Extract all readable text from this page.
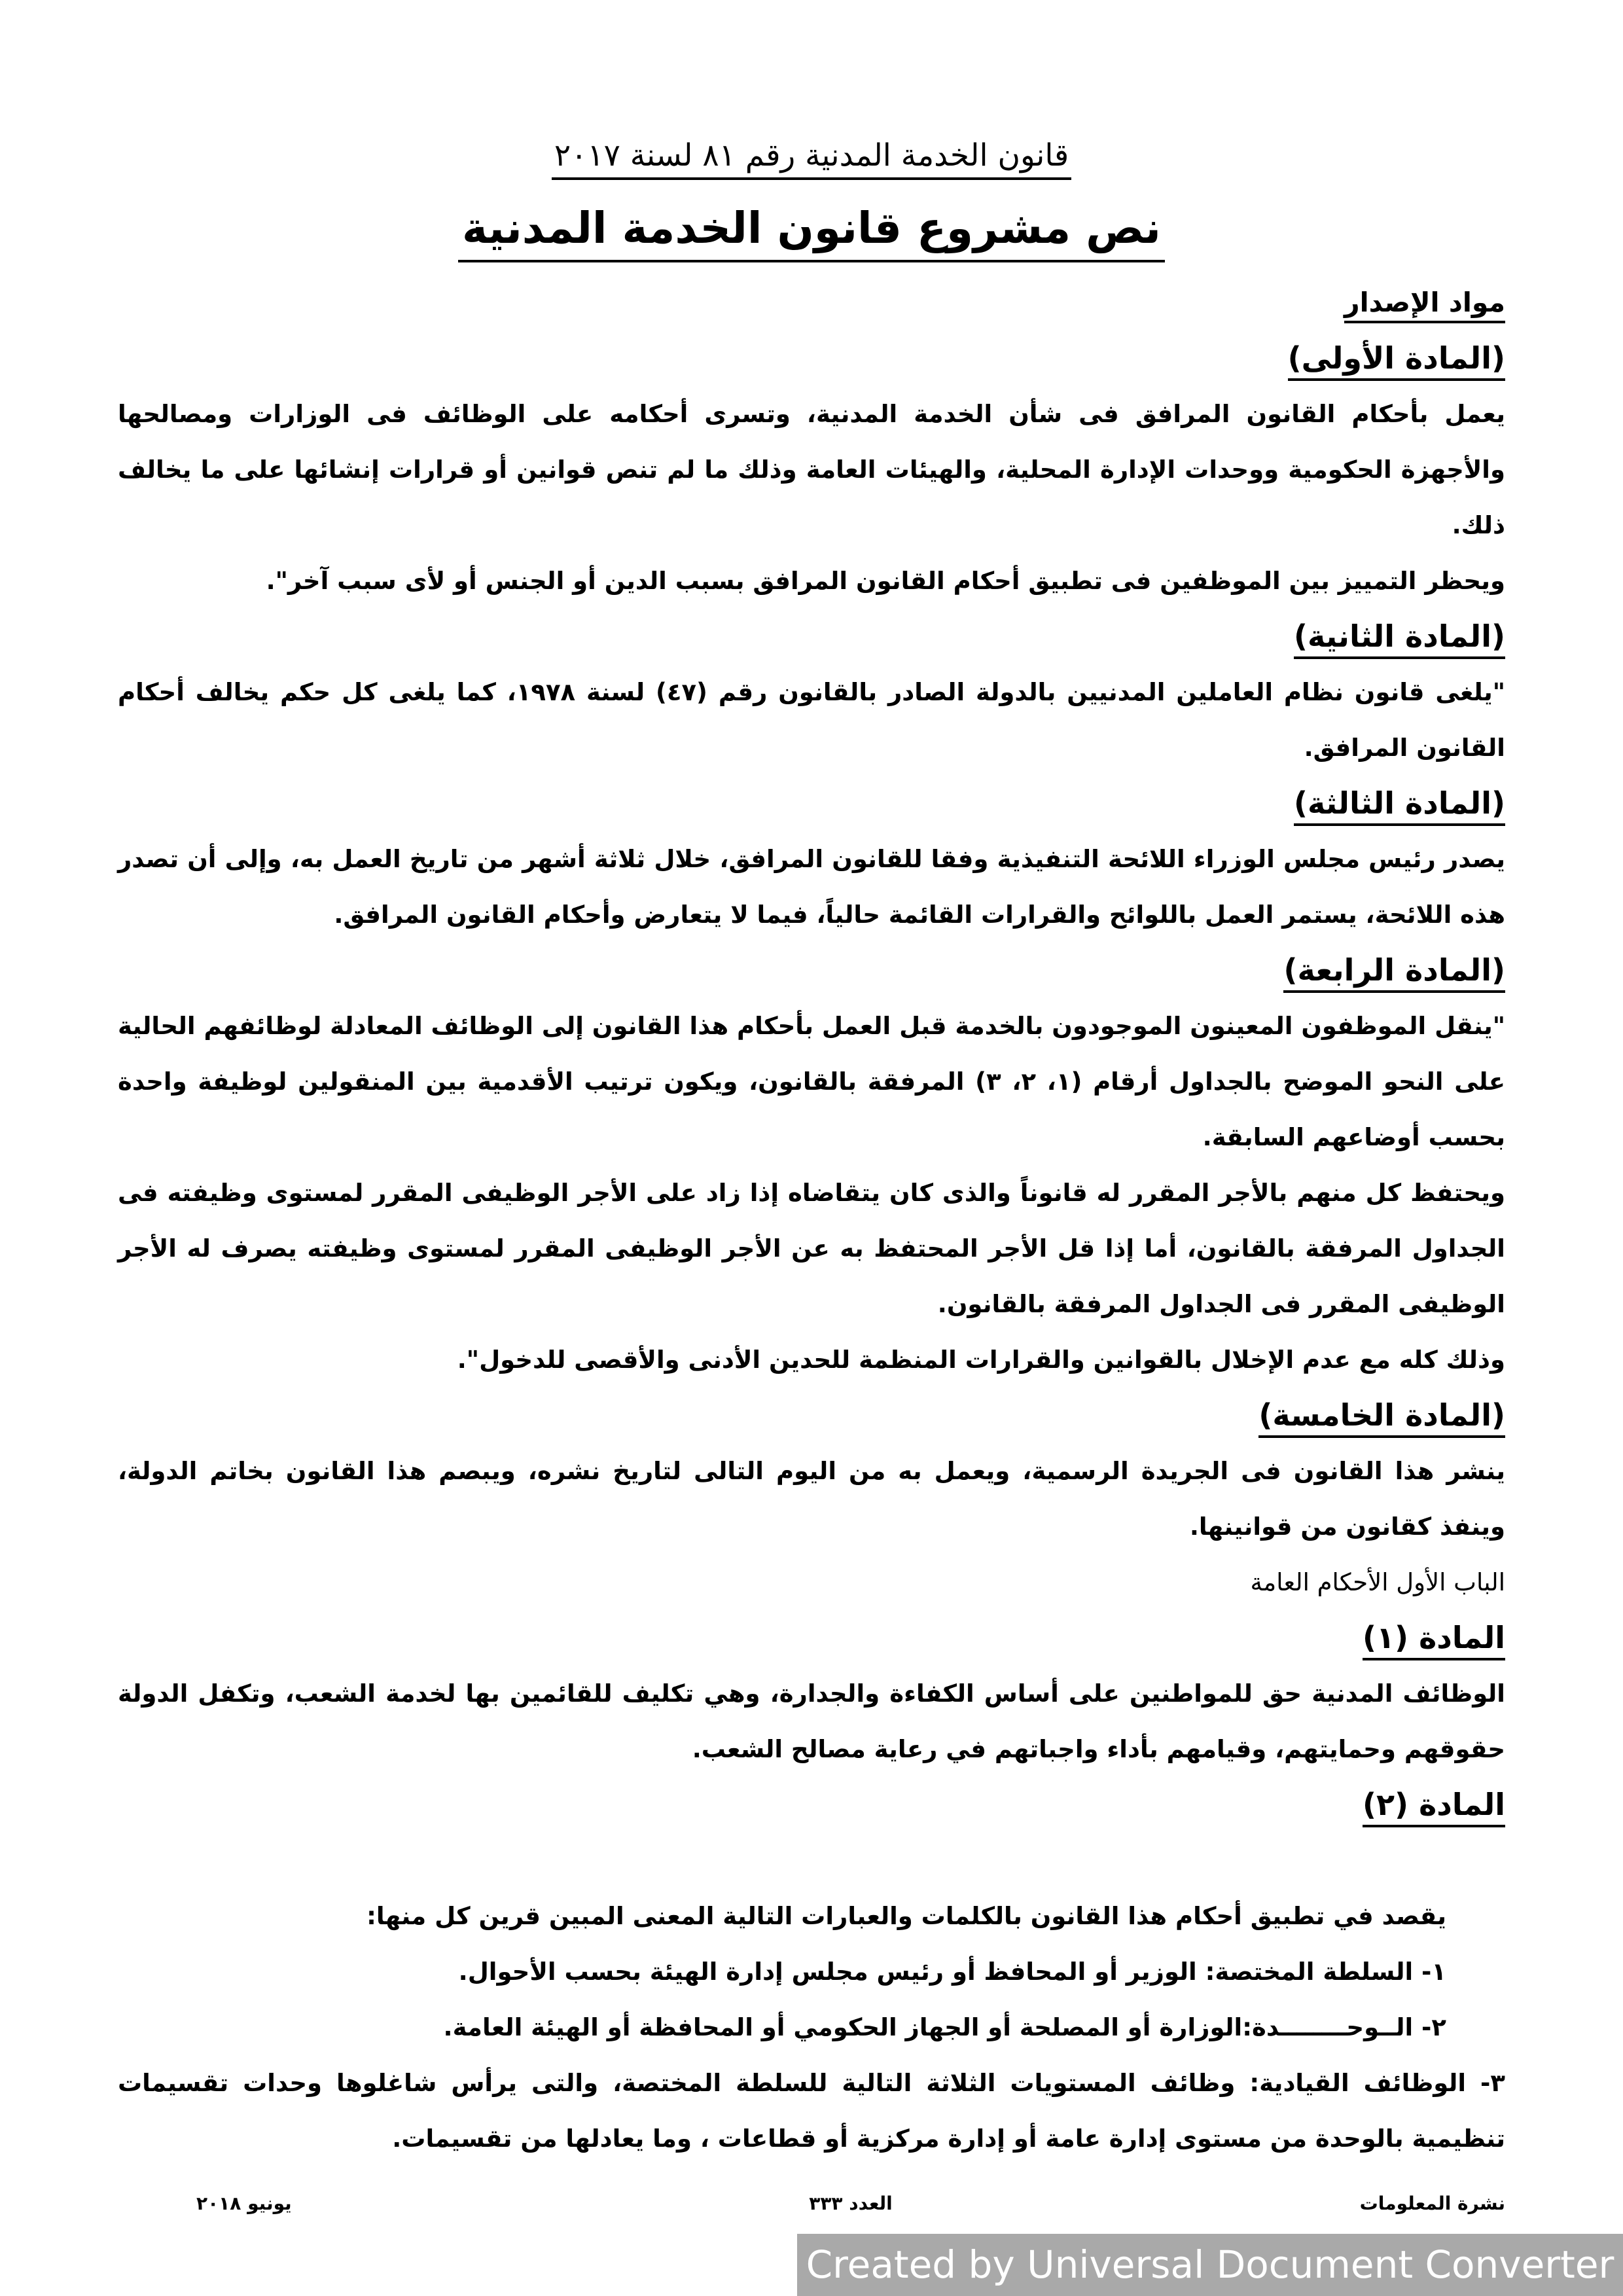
قانون الخدمة المدنية رقم ٨١ لسنة ٢٠١٧
نص مشروع قانون الخدمة المدنية
مواد الإصدار
(المادة الأولى)

يعمل بأحكام القانون المرافق فى شأن الخدمة المدنية، وتسرى أحكامه على الوظائف فى الوزارات ومصالحها والأجهزة الحكومية ووحدات الإدارة المحلية، والهيئات العامة وذلك ما لم تنص قوانين أو قرارات إنشائها على ما يخالف ذلك.

ويحظر التمييز بين الموظفين فى تطبيق أحكام القانون المرافق بسبب الدين أو الجنس أو لأى سبب آخر".

(المادة الثانية)

"يلغى قانون نظام العاملين المدنيين بالدولة الصادر بالقانون رقم (٤٧) لسنة ١٩٧٨، كما يلغى كل حكم يخالف أحكام القانون المرافق.

(المادة الثالثة)

يصدر رئيس مجلس الوزراء اللائحة التنفيذية وفقا للقانون المرافق، خلال ثلاثة أشهر من تاريخ العمل به، وإلى أن تصدر هذه اللائحة، يستمر العمل باللوائح والقرارات القائمة حالياً، فيما لا يتعارض وأحكام القانون المرافق.

(المادة الرابعة)

"ينقل الموظفون المعينون الموجودون بالخدمة قبل العمل بأحكام هذا القانون إلى الوظائف المعادلة لوظائفهم الحالية على النحو الموضح بالجداول أرقام (١، ٢، ٣) المرفقة بالقانون، ويكون ترتيب الأقدمية بين المنقولين لوظيفة واحدة بحسب أوضاعهم السابقة.

ويحتفظ كل منهم بالأجر المقرر له قانوناً والذى كان يتقاضاه إذا زاد على الأجر الوظيفى المقرر لمستوى وظيفته فى الجداول المرفقة بالقانون، أما إذا قل الأجر المحتفظ به عن الأجر الوظيفى المقرر لمستوى وظيفته يصرف له الأجر الوظيفى المقرر فى الجداول المرفقة بالقانون.

وذلك كله مع عدم الإخلال بالقوانين والقرارات المنظمة للحدين الأدنى والأقصى للدخول".

(المادة الخامسة)

ينشر هذا القانون فى الجريدة الرسمية، ويعمل به من اليوم التالى لتاريخ نشره، ويبصم هذا القانون بخاتم الدولة، وينفذ كقانون من قوانينها.

الباب الأول الأحكام العامة

المادة (١)

الوظائف المدنية حق للمواطنين على أساس الكفاءة والجدارة، وهي تكليف للقائمين بها لخدمة الشعب، وتكفل الدولة حقوقهم وحمايتهم، وقيامهم بأداء واجباتهم في رعاية مصالح الشعب.

المادة (٢)

يقصد في تطبيق أحكام هذا القانون بالكلمات والعبارات التالية المعنى المبين قرين كل منها:

١- السلطة المختصة: الوزير أو المحافظ أو رئيس مجلس إدارة الهيئة بحسب الأحوال.

٢- الــوحــــــــدة:الوزارة أو المصلحة أو الجهاز الحكومي أو المحافظة أو الهيئة العامة.

٣- الوظائف القيادية: وظائف المستويات الثلاثة التالية للسلطة المختصة، والتى يرأس شاغلوها وحدات تقسيمات تنظيمية بالوحدة من مستوى إدارة عامة أو إدارة مركزية أو قطاعات ، وما يعادلها من تقسيمات.

نشرة المعلومات
العدد ٣٣٣
يونيو ٢٠١٨
Created by Universal Document Converter
